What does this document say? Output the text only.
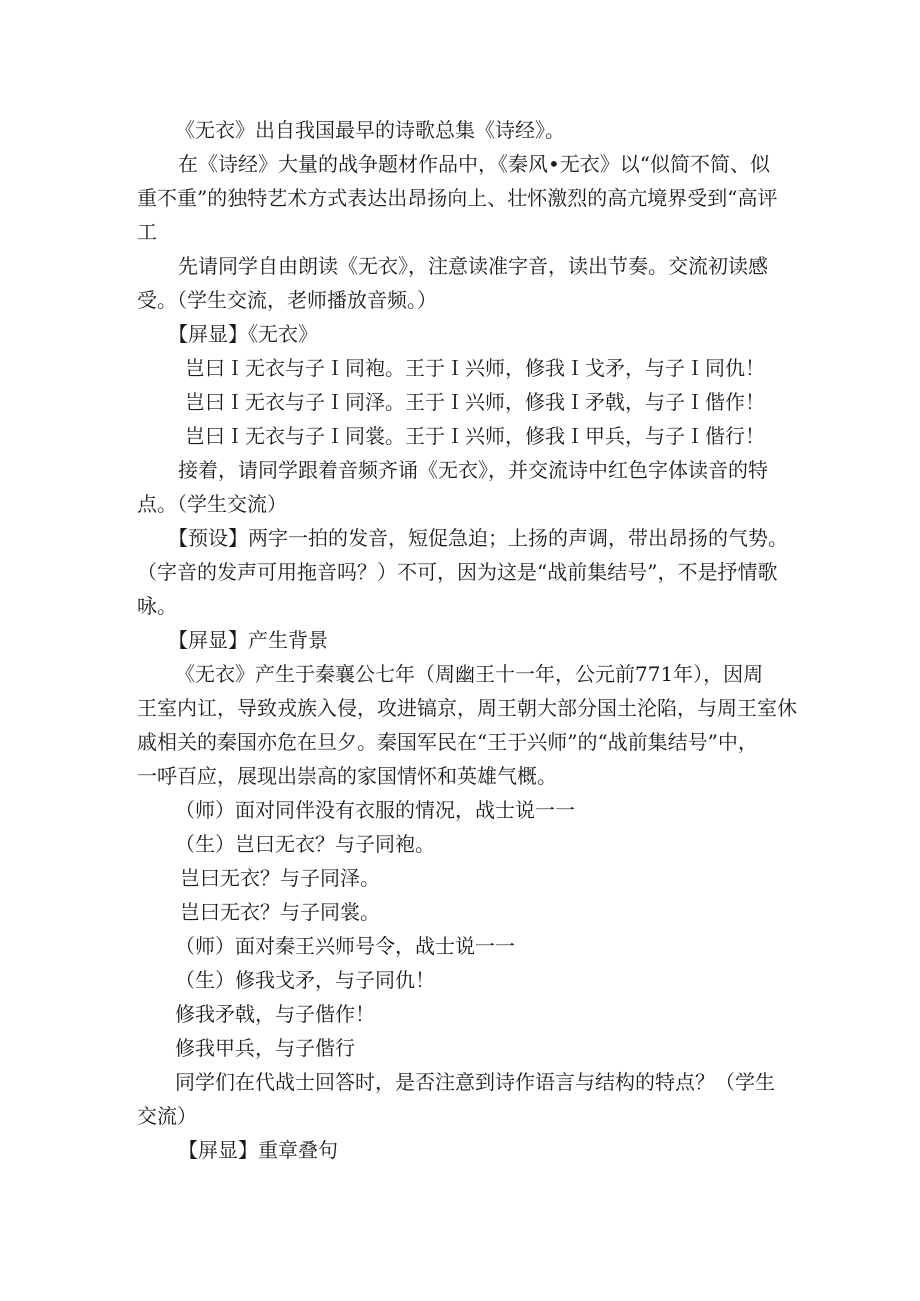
《无衣》出自我国最早的诗歌总集《诗经》。
在《诗经》大量的战争题材作品中，《秦风•无衣》以“似简不简、似
重不重”的独特艺术方式表达出昂扬向上、壮怀激烈的高亢境界受到“高评
工
先请同学自由朗读《无衣》，注意读准字音，读出节奏。交流初读感
受。（学生交流，老师播放音频。）
【屏显】《无衣》
岂曰Ｉ无衣与子Ｉ同袍。王于Ｉ兴师，修我Ｉ戈矛，与子Ｉ同仇！
岂曰Ｉ无衣与子Ｉ同泽。王于Ｉ兴师，修我Ｉ矛戟，与子Ｉ偕作！
岂曰Ｉ无衣与子Ｉ同裳。王于Ｉ兴师，修我Ｉ甲兵，与子Ｉ偕行！
接着，请同学跟着音频齐诵《无衣》，并交流诗中红色字体读音的特
点。（学生交流）
【预设】两字一拍的发音，短促急迫；上扬的声调，带出昂扬的气势。
（字音的发声可用拖音吗？）不可，因为这是“战前集结号”，不是抒情歌
咏。
【屏显】产生背景
《无衣》产生于秦襄公七年（周幽王十一年，公元前771年），因周
王室内讧，导致戎族入侵，攻进镐京，周王朝大部分国土沦陷，与周王室休
戚相关的秦国亦危在旦夕。秦国军民在“王于兴师”的“战前集结号”中，
一呼百应，展现出崇高的家国情怀和英雄气概。
（师）面对同伴没有衣服的情况，战士说一一
（生）岂曰无衣？与子同袍。
岂曰无衣？与子同泽。
岂曰无衣？与子同裳。
（师）面对秦王兴师号令，战士说一一
（生）修我戈矛，与子同仇！
修我矛戟，与子偕作！
修我甲兵，与子偕行
同学们在代战士回答时，是否注意到诗作语言与结构的特点？（学生
交流）
【屏显】重章叠句
